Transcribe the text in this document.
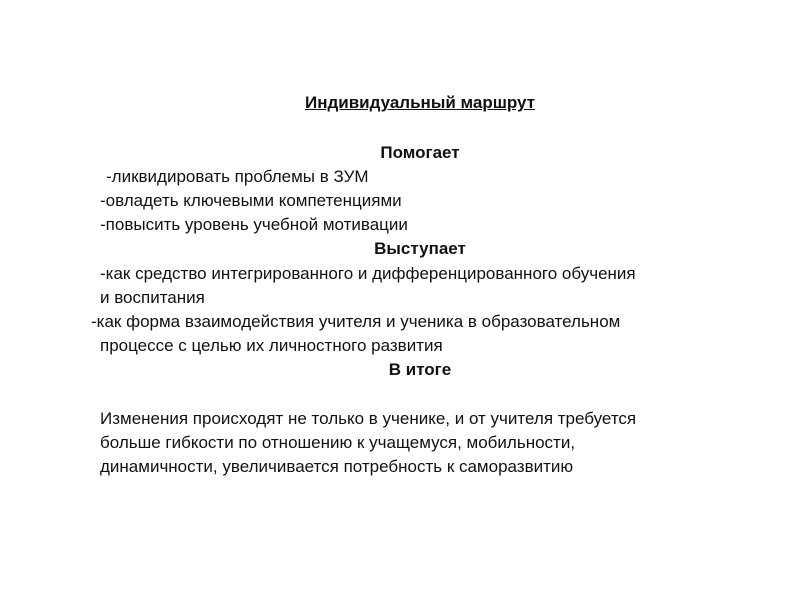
Индивидуальный маршрут
Помогает
-ликвидировать проблемы в ЗУМ
-овладеть ключевыми компетенциями
-повысить уровень учебной мотивации
Выступает
-как средство интегрированного и дифференцированного обучения
и воспитания
-как форма взаимодействия учителя и ученика в образовательном
процессе с целью их личностного развития
В итоге
Изменения происходят не только в ученике, и от учителя требуется
больше гибкости по отношению к учащемуся, мобильности,
динамичности, увеличивается потребность к саморазвитию
